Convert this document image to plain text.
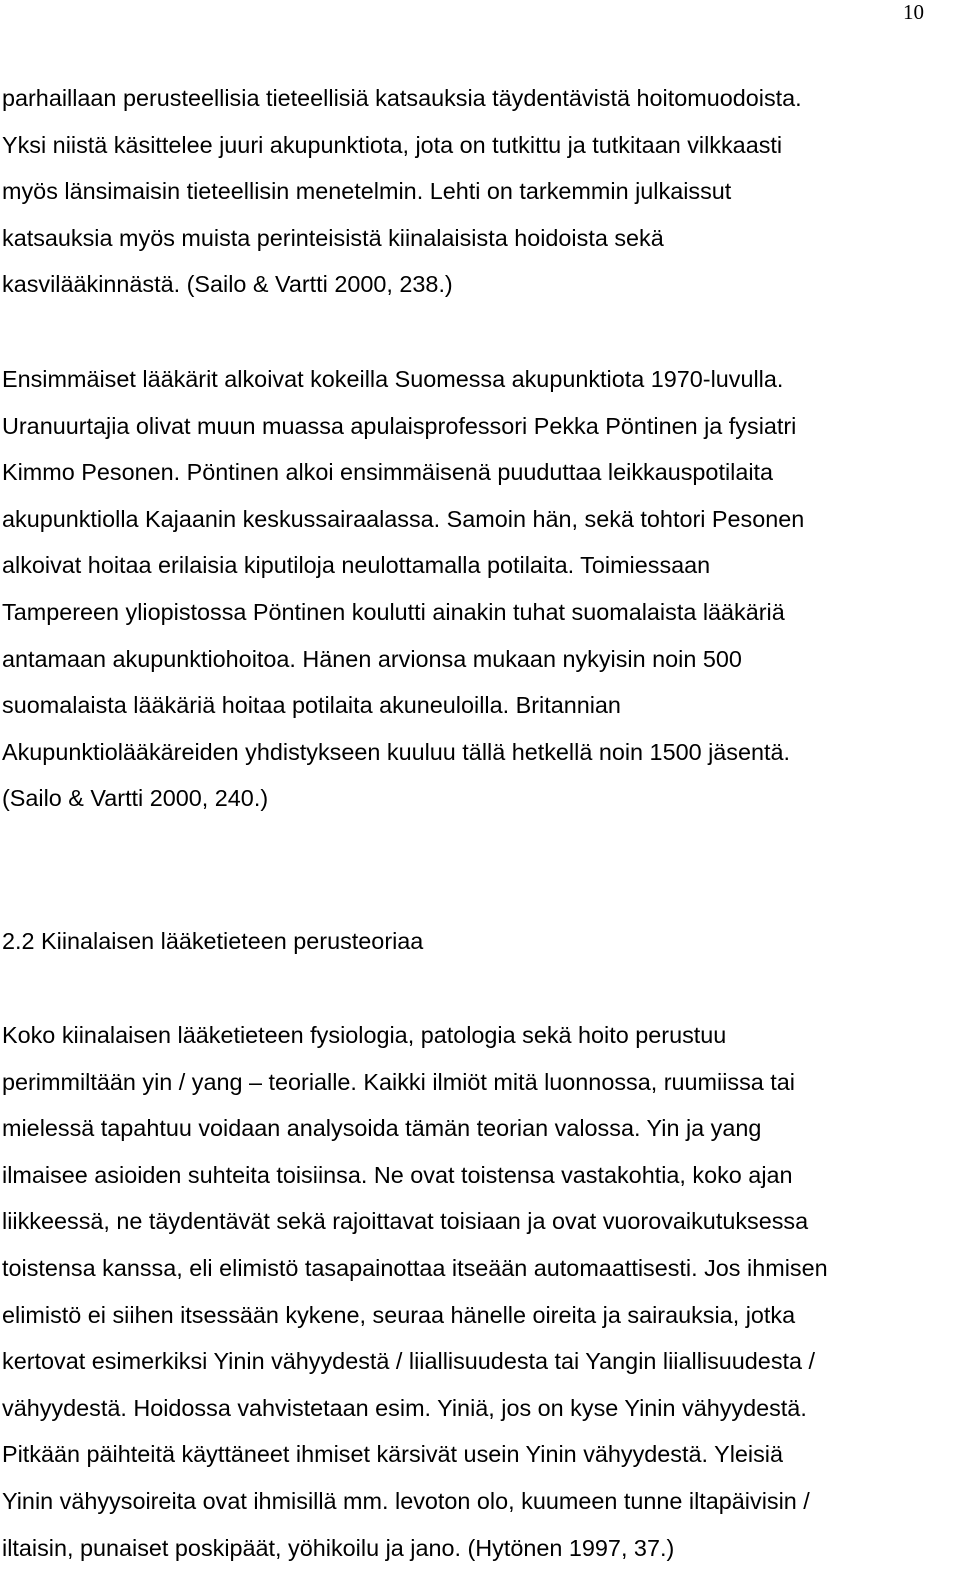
10
parhaillaan perusteellisia tieteellisiä katsauksia täydentävistä hoitomuodoista.
Yksi niistä käsittelee juuri akupunktiota, jota on tutkittu ja tutkitaan vilkkaasti
myös länsimaisin tieteellisin menetelmin. Lehti on tarkemmin julkaissut
katsauksia myös muista perinteisistä kiinalaisista hoidoista sekä
kasvilääkinnästä. (Sailo & Vartti 2000, 238.)
Ensimmäiset lääkärit alkoivat kokeilla Suomessa akupunktiota 1970-luvulla.
Uranuurtajia olivat muun muassa apulaisprofessori Pekka Pöntinen ja fysiatri
Kimmo Pesonen. Pöntinen alkoi ensimmäisenä puuduttaa leikkauspotilaita
akupunktiolla Kajaanin keskussairaalassa. Samoin hän, sekä tohtori Pesonen
alkoivat hoitaa erilaisia kiputiloja neulottamalla potilaita. Toimiessaan
Tampereen yliopistossa Pöntinen koulutti ainakin tuhat suomalaista lääkäriä
antamaan akupunktiohoitoa. Hänen arvionsa mukaan nykyisin noin 500
suomalaista lääkäriä hoitaa potilaita akuneuloilla. Britannian
Akupunktiolääkäreiden yhdistykseen kuuluu tällä hetkellä noin 1500 jäsentä.
(Sailo & Vartti 2000, 240.)
2.2 Kiinalaisen lääketieteen perusteoriaa
Koko kiinalaisen lääketieteen fysiologia, patologia sekä hoito perustuu
perimmiltään yin / yang – teorialle. Kaikki ilmiöt mitä luonnossa, ruumiissa tai
mielessä tapahtuu voidaan analysoida tämän teorian valossa. Yin ja yang
ilmaisee asioiden suhteita toisiinsa. Ne ovat toistensa vastakohtia, koko ajan
liikkeessä, ne täydentävät sekä rajoittavat toisiaan ja ovat vuorovaikutuksessa
toistensa kanssa, eli elimistö tasapainottaa itseään automaattisesti. Jos ihmisen
elimistö ei siihen itsessään kykene, seuraa hänelle oireita ja sairauksia, jotka
kertovat esimerkiksi Yinin vähyydestä / liiallisuudesta tai Yangin liiallisuudesta /
vähyydestä. Hoidossa vahvistetaan esim. Yiniä, jos on kyse Yinin vähyydestä.
Pitkään päihteitä käyttäneet ihmiset kärsivät usein Yinin vähyydestä. Yleisiä
Yinin vähyysoireita ovat ihmisillä mm. levoton olo, kuumeen tunne iltapäivisin /
iltaisin, punaiset poskipäät, yöhikoilu ja jano. (Hytönen 1997, 37.)
